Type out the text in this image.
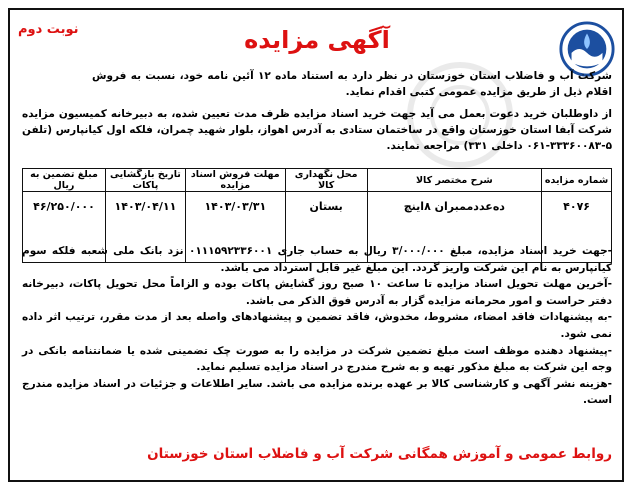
نوبت دوم	آگهی مزایده
شرکت آب و فاضلاب استان خوزستان در نظر دارد به استناد ماده ۱۲ آئین نامه خود، نسبت به فروش اقلام ذیل از طریق مزایده عمومی کتبی اقدام نماید.
از داوطلبان خرید دعوت بعمل می آید جهت خرید اسناد مزایده ظرف مدت تعیین شده، به دبیرخانه کمیسیون مزایده شرکت آبفا استان خوزستان واقع در ساختمان ستادی به آدرس اهواز، بلوار شهید چمران، فلکه اول کیانپارس (تلفن ۵-۳۳۳۶۰۰۸۳-۰۶۱ داخلی ۳۳۱) مراجعه نمایند.
شماره مزایده	شرح مختصر کالا	محل نگهداری کالا	مهلت فروش اسناد مزایده	تاریخ بازگشایی پاکات	مبلغ تضمین به ریال
۴۰۷۶	ده‌عدد‌ممبران ۸اینچ	بستان	۱۴۰۳/۰۳/۳۱	۱۴۰۳/۰۴/۱۱	۴۶/۲۵۰/۰۰۰

-جهت خرید اسناد مزایده، مبلغ ۳/۰۰۰/۰۰۰ ریال به حساب جاری ۰۱۱۱۵۹۲۳۳۶۰۰۱ نزد بانک ملی شعبه فلکه سوم کیانپارس به نام این شرکت واریز گردد. این مبلغ غیر قابل استرداد می باشد.

-آخرین مهلت تحویل اسناد مزایده تا ساعت ۱۰ صبح روز گشایش پاکات بوده و الزاماً محل تحویل پاکات، دبیرخانه دفتر حراست و امور محرمانه مزایده گزار به آدرس فوق الذکر می باشد.

-به پیشنهادات فاقد امضاء، مشروط، مخدوش، فاقد تضمین و پیشنهادهای واصله بعد از مدت مقرر، ترتیب اثر داده نمی شود.

-پیشنهاد دهنده موظف است مبلغ تضمین شرکت در مزایده را به صورت چک تضمینی شده یا ضمانتنامه بانکی در وجه این شرکت به مبلغ مذکور تهیه و به شرح مندرج در اسناد مزایده تسلیم نماید.

-هزینه نشر آگهی و کارشناسی کالا بر عهده برنده مزایده می باشد. سایر اطلاعات و جزئیات در اسناد مزایده مندرج است.

روابط عمومی و آموزش همگانی شرکت آب و فاضلاب استان خوزستان
